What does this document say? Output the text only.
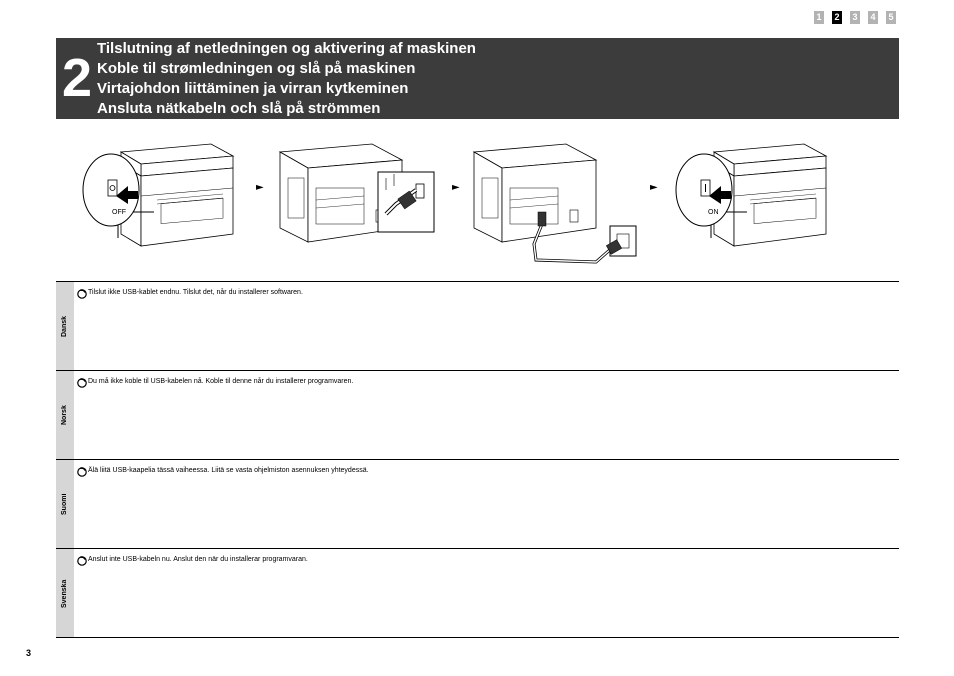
1 2 3 4 5
2 Tilslutning af netledningen og aktivering af maskinen
Koble til strømledningen og slå på maskinen
Virtajohdon liittäminen ja virran kytkeminen
Ansluta nätkabeln och slå på strömmen
OFF
►	►	►
ON
Dansk
Tilslut ikke USB-kablet endnu. Tilslut det, når du installerer softwaren.
Norsk
Du må ikke koble til USB-kabelen nå. Koble til denne når du installerer programvaren.
Suomi
Älä liitä USB-kaapelia tässä vaiheessa. Liitä se vasta ohjelmiston asennuksen yhteydessä.
Svenska
Anslut inte USB-kabeln nu. Anslut den när du installerar programvaran.
3
